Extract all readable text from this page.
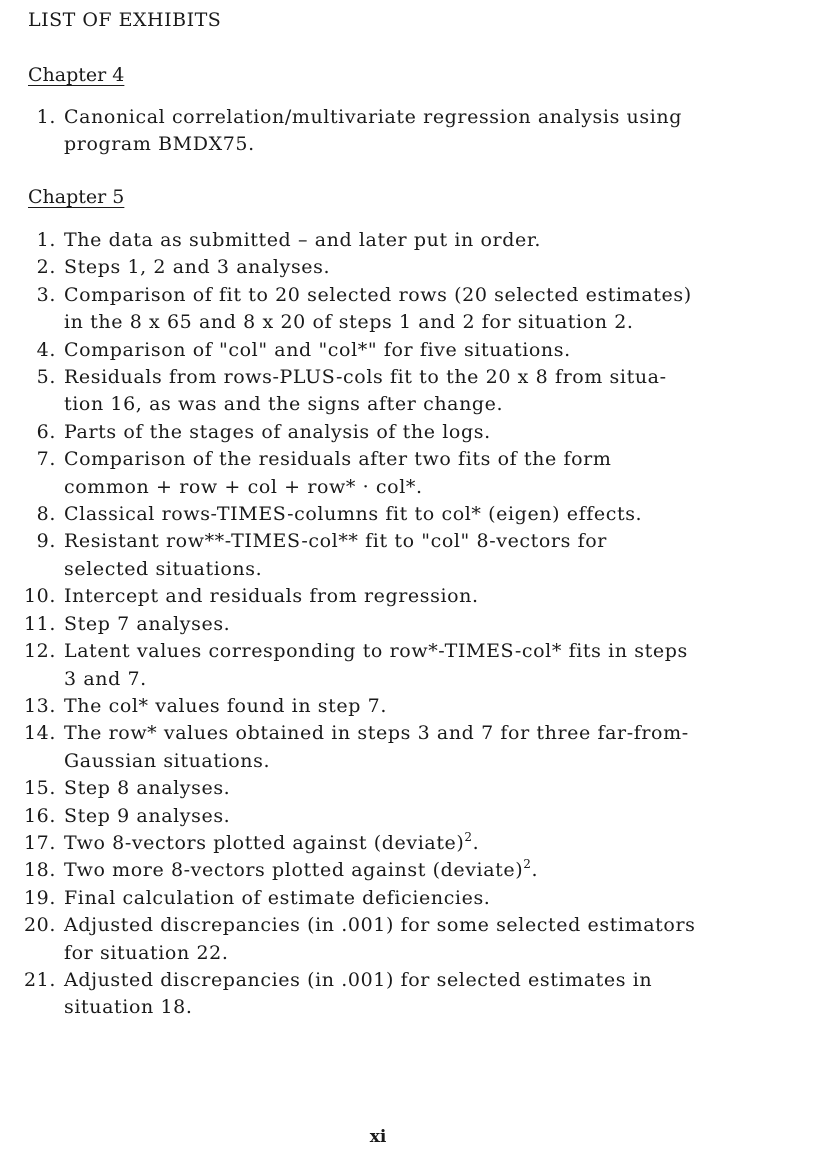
LIST OF EXHIBITS
Chapter 4
1. Canonical correlation/multivariate regression analysis using
program BMDX75.
Chapter 5
1. The data as submitted – and later put in order.
2. Steps 1, 2 and 3 analyses.
3. Comparison of fit to 20 selected rows (20 selected estimates)
in the 8 x 65 and 8 x 20 of steps 1 and 2 for situation 2.
4. Comparison of "col" and "col*" for five situations.
5. Residuals from rows-PLUS-cols fit to the 20 x 8 from situa-
tion 16, as was and the signs after change.
6. Parts of the stages of analysis of the logs.
7. Comparison of the residuals after two fits of the form
common + row + col + row* · col*.
8. Classical rows-TIMES-columns fit to col* (eigen) effects.
9. Resistant row**-TIMES-col** fit to "col" 8-vectors for
selected situations.
10. Intercept and residuals from regression.
11. Step 7 analyses.
12. Latent values corresponding to row*-TIMES-col* fits in steps
3 and 7.
13. The col* values found in step 7.
14. The row* values obtained in steps 3 and 7 for three far-from-
Gaussian situations.
15. Step 8 analyses.
16. Step 9 analyses.
17. Two 8-vectors plotted against (deviate)$^2$.
18. Two more 8-vectors plotted against (deviate)$^2$.
19. Final calculation of estimate deficiencies.
20. Adjusted discrepancies (in .001) for some selected estimators
for situation 22.
21. Adjusted discrepancies (in .001) for selected estimates in
situation 18.
xi
